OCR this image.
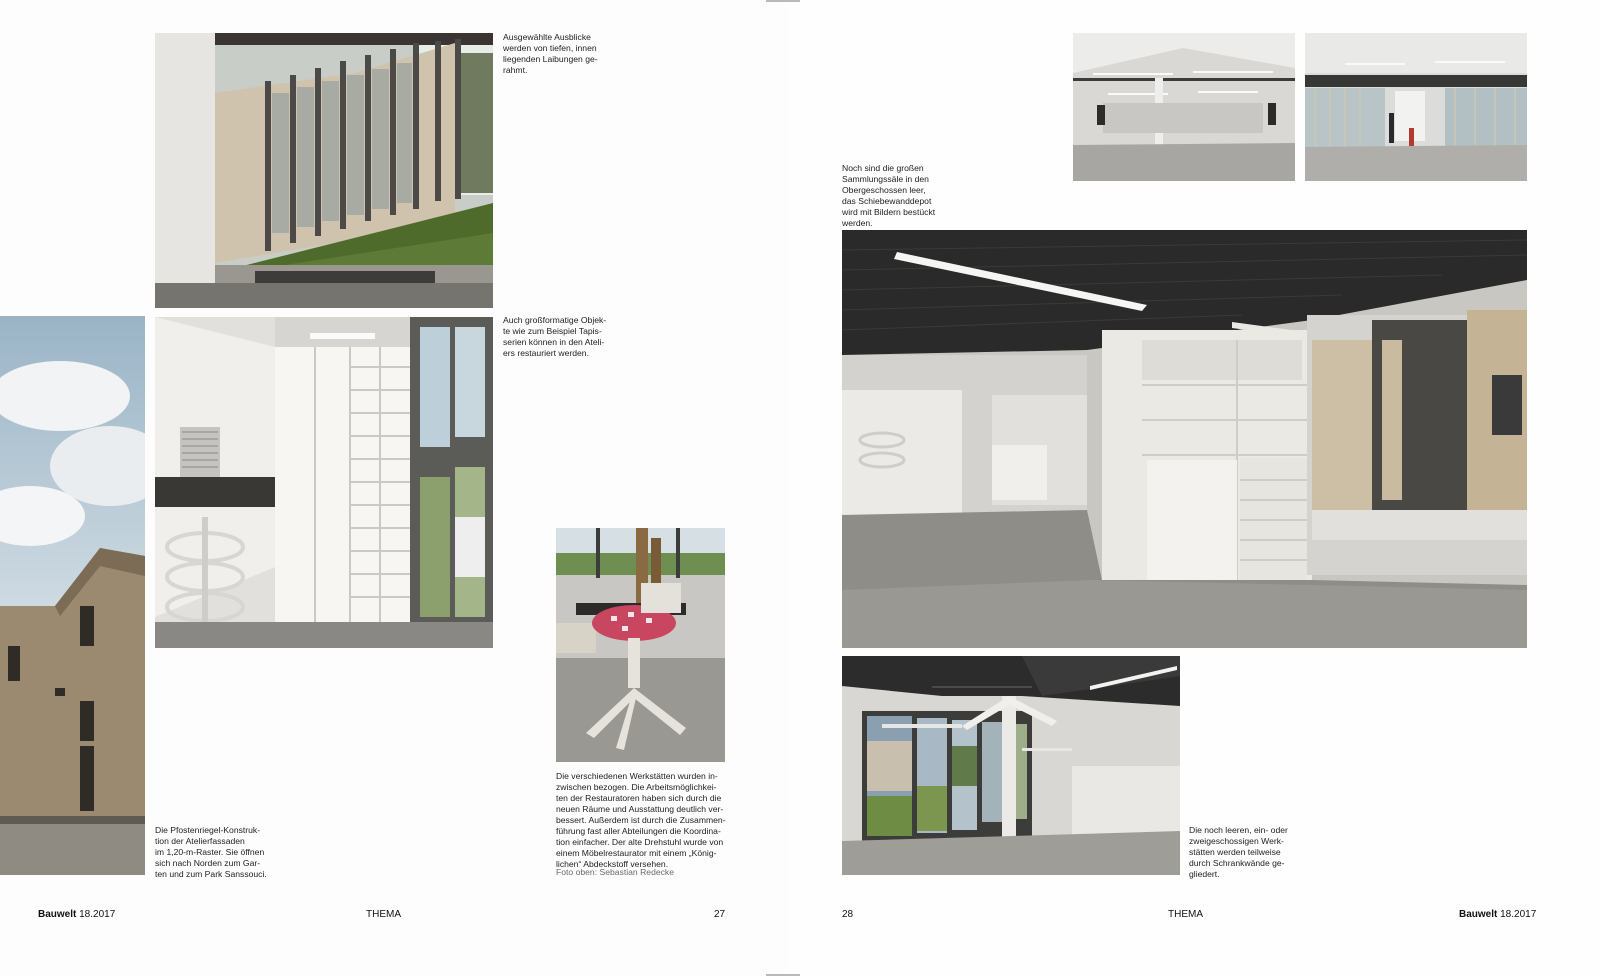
Ausgewählte Ausblicke
werden von tiefen, innen
liegenden Laibungen ge-
rahmt.

Auch großformatige Objek-
te wie zum Beispiel Tapis-
serien können in den Ateli-
ers restauriert werden.

Die Pfostenriegel-Konstruk-
tion der Atelierfassaden
im 1,20-m-Raster. Sie öffnen
sich nach Norden zum Gar-
ten und zum Park Sanssouci.

Die verschiedenen Werkstätten wurden in-
zwischen bezogen. Die Arbeitsmöglichkei-
ten der Restauratoren haben sich durch die
neuen Räume und Ausstattung deutlich ver-
bessert. Außerdem ist durch die Zusammen-
führung fast aller Abteilungen die Koordina-
tion einfacher. Der alte Drehstuhl wurde von
einem Möbelrestaurator mit einem „König-
lichen“ Abdeckstoff versehen.

Foto oben: Sebastian Redecke

Bauwelt 18.2017	THEMA	27

Noch sind die großen
Sammlungssäle in den
Obergeschossen leer,
das Schiebewanddepot
wird mit Bildern bestückt
werden.

Die noch leeren, ein- oder
zweigeschossigen Werk-
stätten werden teilweise
durch Schrankwände ge-
gliedert.

28	THEMA	Bauwelt 18.2017
